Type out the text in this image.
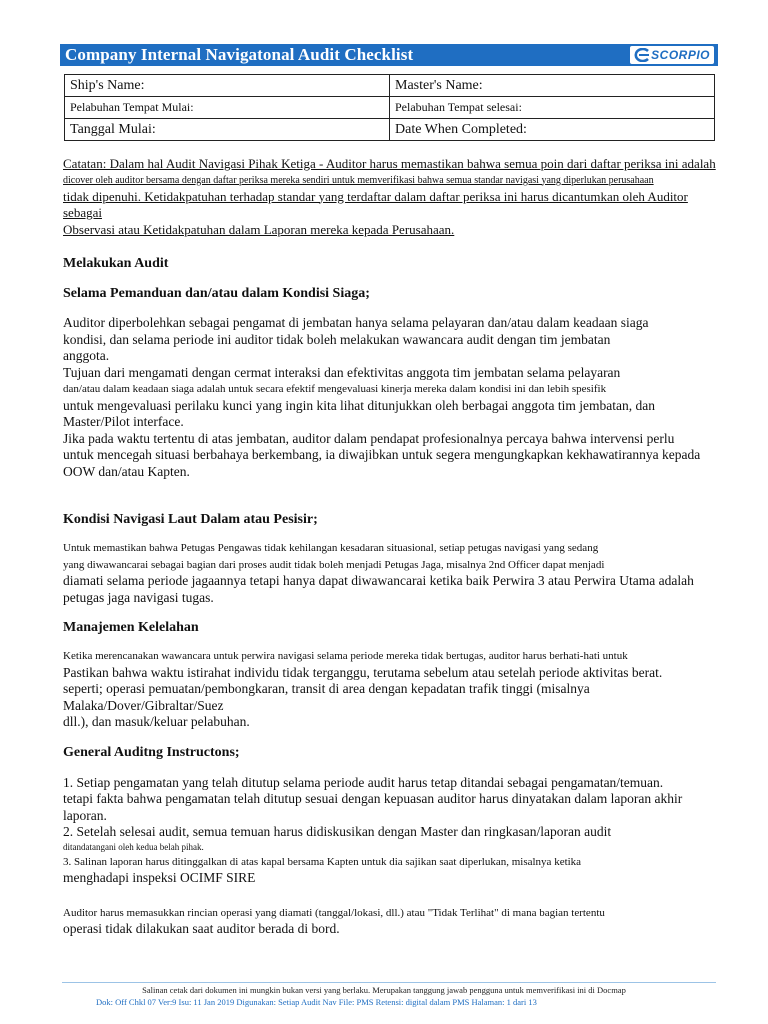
Company Internal Navigatonal Audit Checklist	SCORPIO
Ship's Name:	Master's Name:
Pelabuhan Tempat Mulai:	Pelabuhan Tempat selesai:
Tanggal Mulai:	Date When Completed:

Catatan: Dalam hal Audit Navigasi Pihak Ketiga - Auditor harus memastikan bahwa semua poin dari daftar periksa ini adalah

dicover oleh auditor bersama dengan daftar periksa mereka sendiri untuk memverifikasi bahwa semua standar navigasi yang diperlukan perusahaan

tidak dipenuhi. Ketidakpatuhan terhadap standar yang terdaftar dalam daftar periksa ini harus dicantumkan oleh Auditor sebagai

Observasi atau Ketidakpatuhan dalam Laporan mereka kepada Perusahaan.

Melakukan Audit

Selama Pemanduan dan/atau dalam Kondisi Siaga;

Auditor diperbolehkan sebagai pengamat di jembatan hanya selama pelayaran dan/atau dalam keadaan siaga

kondisi, dan selama periode ini auditor tidak boleh melakukan wawancara audit dengan tim jembatan

anggota.

Tujuan dari mengamati dengan cermat interaksi dan efektivitas anggota tim jembatan selama pelayaran

dan/atau dalam keadaan siaga adalah untuk secara efektif mengevaluasi kinerja mereka dalam kondisi ini dan lebih spesifik

untuk mengevaluasi perilaku kunci yang ingin kita lihat ditunjukkan oleh berbagai anggota tim jembatan, dan

Master/Pilot interface.

Jika pada waktu tertentu di atas jembatan, auditor dalam pendapat profesionalnya percaya bahwa intervensi perlu

untuk mencegah situasi berbahaya berkembang, ia diwajibkan untuk segera mengungkapkan kekhawatirannya kepada

OOW dan/atau Kapten.

Kondisi Navigasi Laut Dalam atau Pesisir;

Untuk memastikan bahwa Petugas Pengawas tidak kehilangan kesadaran situasional, setiap petugas navigasi yang sedang

yang diwawancarai sebagai bagian dari proses audit tidak boleh menjadi Petugas Jaga, misalnya 2nd Officer dapat menjadi

diamati selama periode jagaannya tetapi hanya dapat diwawancarai ketika baik Perwira 3 atau Perwira Utama adalah

petugas jaga navigasi tugas.

Manajemen Kelelahan

Ketika merencanakan wawancara untuk perwira navigasi selama periode mereka tidak bertugas, auditor harus berhati-hati untuk

Pastikan bahwa waktu istirahat individu tidak terganggu, terutama sebelum atau setelah periode aktivitas berat.

seperti; operasi pemuatan/pembongkaran, transit di area dengan kepadatan trafik tinggi (misalnya Malaka/Dover/Gibraltar/Suez

dll.), dan masuk/keluar pelabuhan.

General Auditng Instructons;

1. Setiap pengamatan yang telah ditutup selama periode audit harus tetap ditandai sebagai pengamatan/temuan.

tetapi fakta bahwa pengamatan telah ditutup sesuai dengan kepuasan auditor harus dinyatakan dalam laporan akhir

laporan.

2. Setelah selesai audit, semua temuan harus didiskusikan dengan Master dan ringkasan/laporan audit

ditandatangani oleh kedua belah pihak.

3. Salinan laporan harus ditinggalkan di atas kapal bersama Kapten untuk dia sajikan saat diperlukan, misalnya ketika

menghadapi inspeksi OCIMF SIRE

Auditor harus memasukkan rincian operasi yang diamati (tanggal/lokasi, dll.) atau "Tidak Terlihat" di mana bagian tertentu

operasi tidak dilakukan saat auditor berada di bord.

Salinan cetak dari dokumen ini mungkin bukan versi yang berlaku. Merupakan tanggung jawab pengguna untuk memverifikasi ini di Docmap
Dok: Off Chkl 07 Ver:9 Isu: 11 Jan 2019 Digunakan: Setiap Audit Nav File: PMS Retensi: digital dalam PMS Halaman: 1 dari 13
